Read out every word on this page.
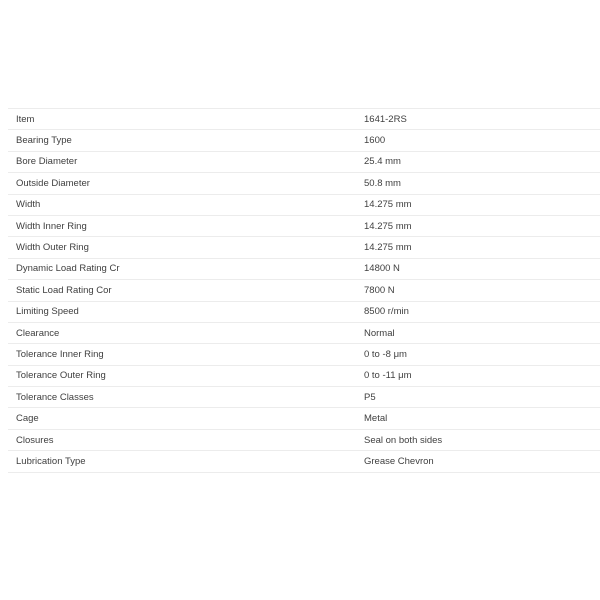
Item	1641-2RS
Bearing Type	1600
Bore Diameter	25.4 mm
Outside Diameter	50.8 mm
Width	14.275 mm
Width Inner Ring	14.275 mm
Width Outer Ring	14.275 mm
Dynamic Load Rating Cr	14800 N
Static Load Rating Cor	7800 N
Limiting Speed	8500 r/min
Clearance	Normal
Tolerance Inner Ring	0 to -8 μm
Tolerance Outer Ring	0 to -11 μm
Tolerance Classes	P5
Cage	Metal
Closures	Seal on both sides
Lubrication Type	Grease Chevron
